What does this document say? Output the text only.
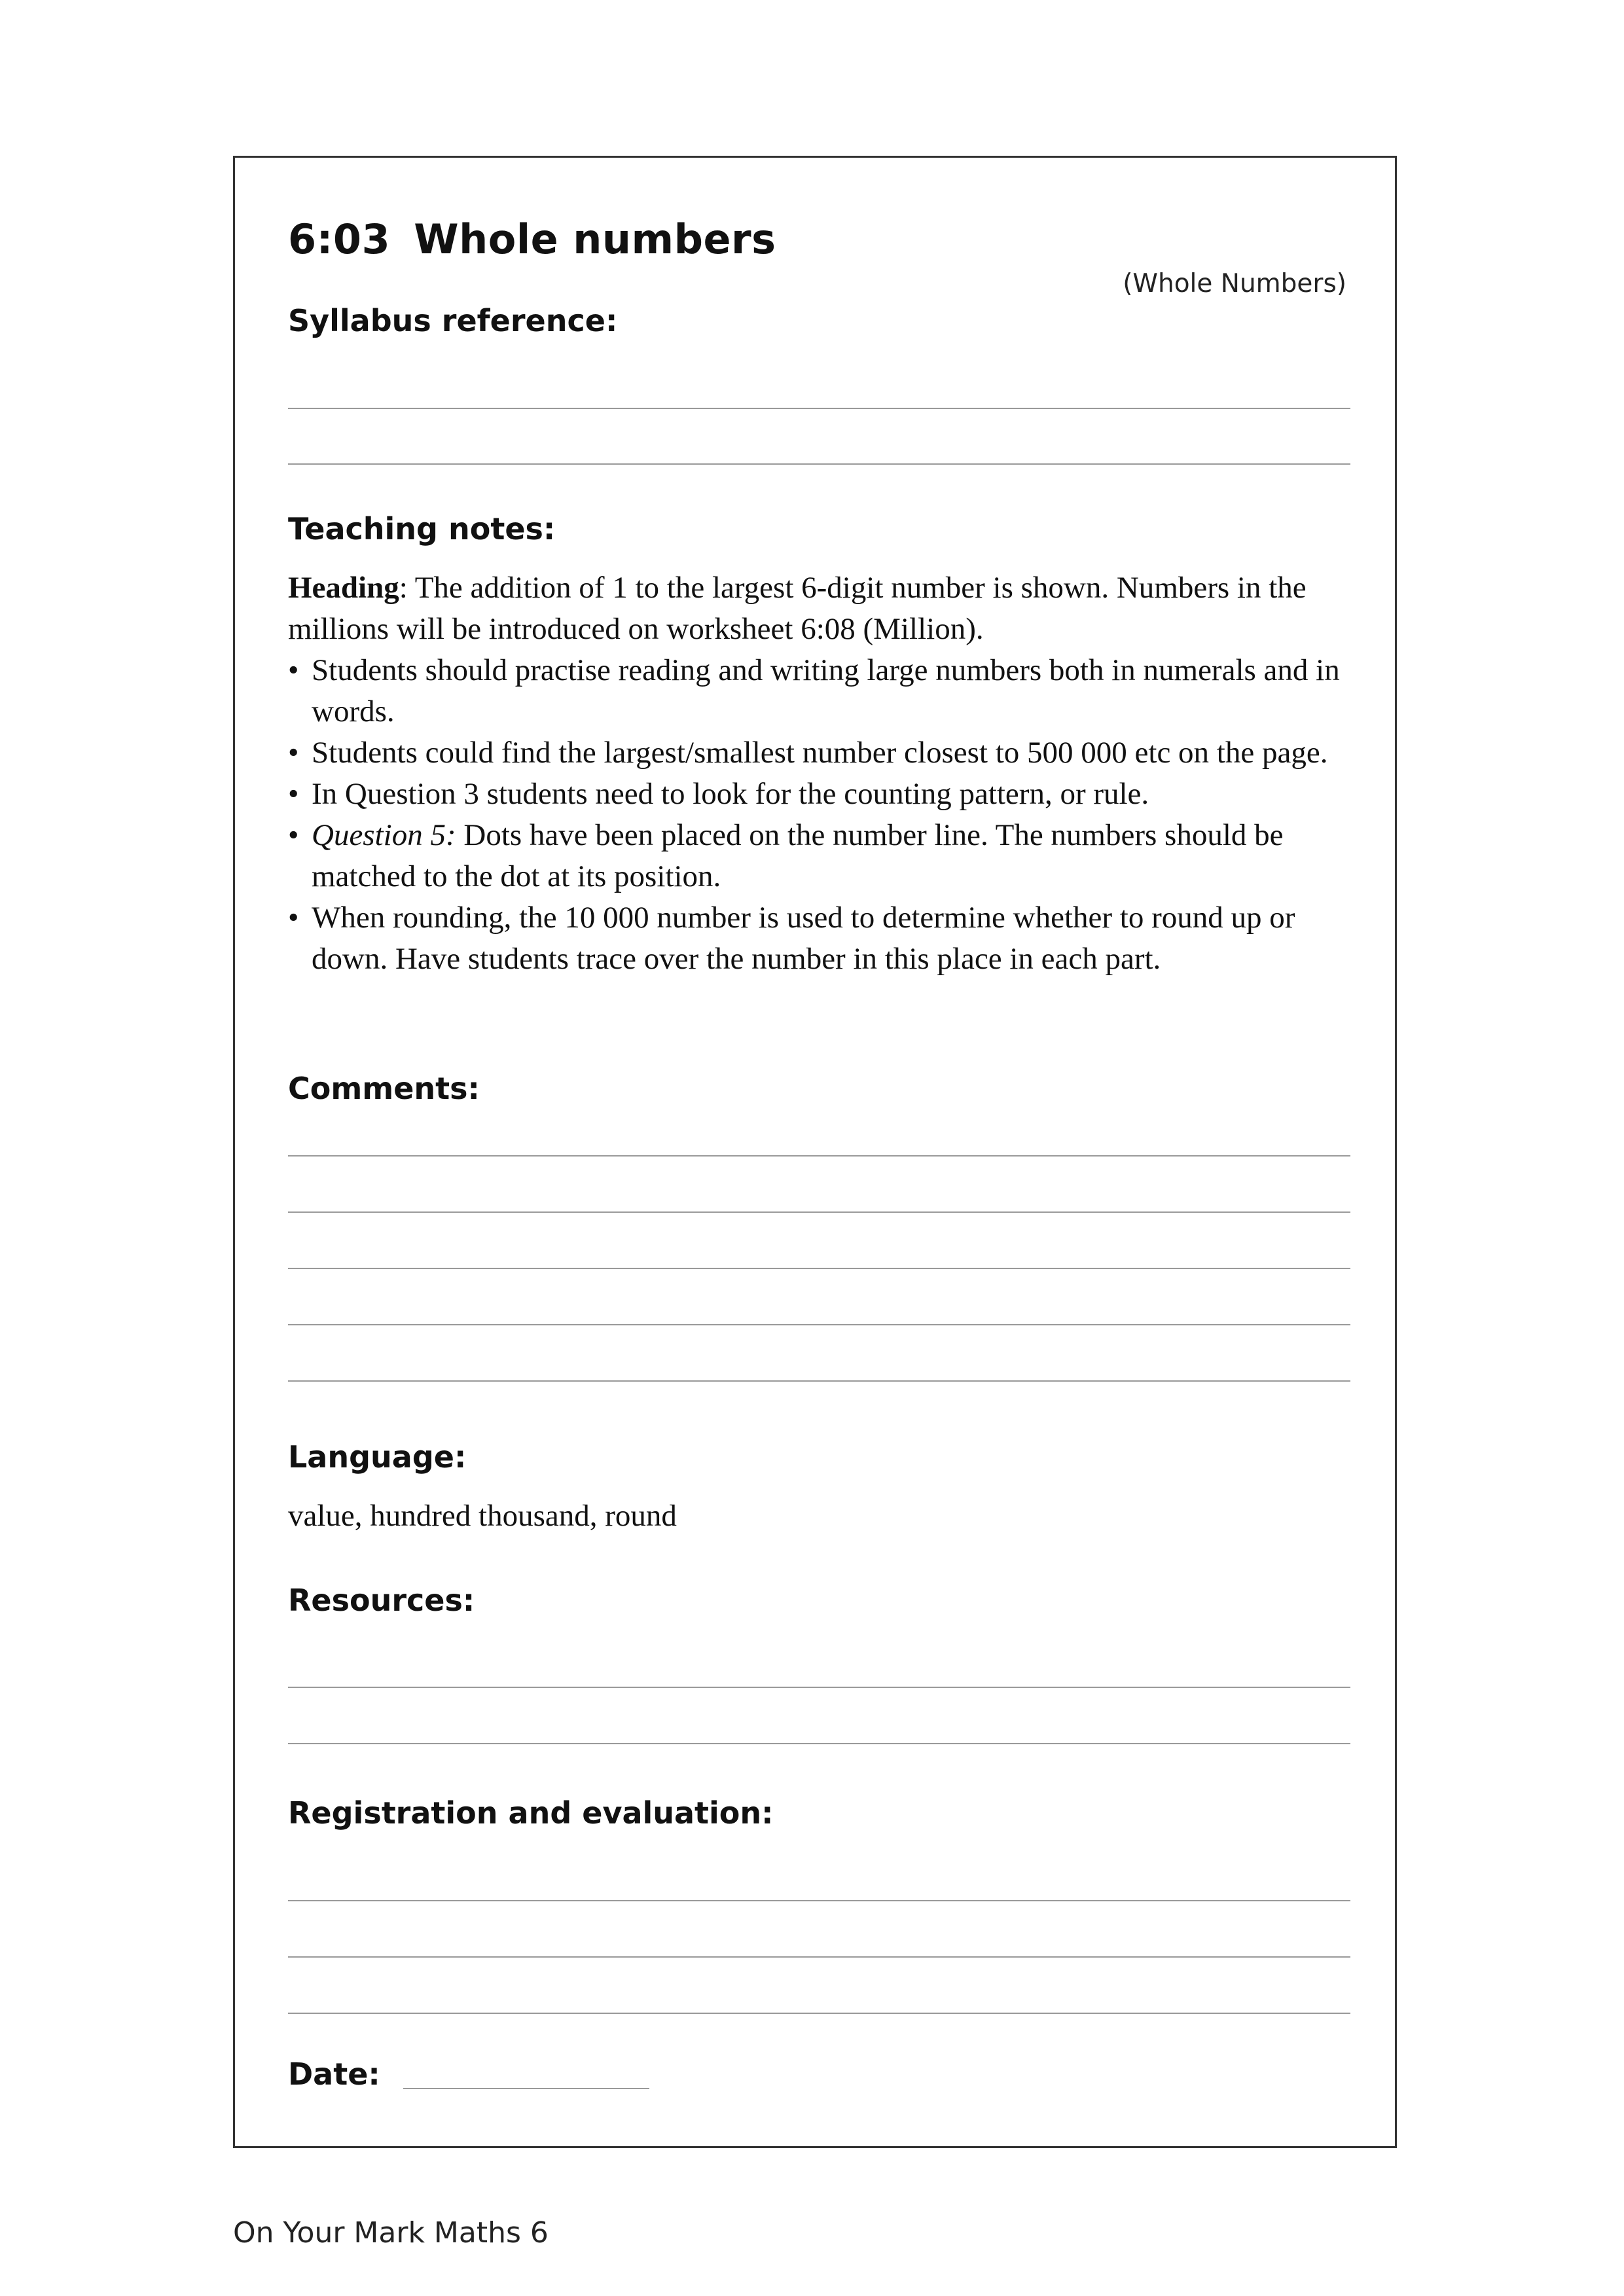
6:03 Whole numbers
(Whole Numbers)
Syllabus reference:
Teaching notes:

Heading: The addition of 1 to the largest 6-digit number is shown. Numbers in the millions will be introduced on worksheet 6:08 (Million).

• Students should practise reading and writing large numbers both in numerals and in words.
• Students could find the largest/smallest number closest to 500 000 etc on the page.
• In Question 3 students need to look for the counting pattern, or rule.
• Question 5: Dots have been placed on the number line. The numbers should be matched to the dot at its position.
• When rounding, the 10 000 number is used to determine whether to round up or down. Have students trace over the number in this place in each part.
Comments:
Language:

value, hundred thousand, round

Resources:
Registration and evaluation:
Date:
On Your Mark Maths 6
